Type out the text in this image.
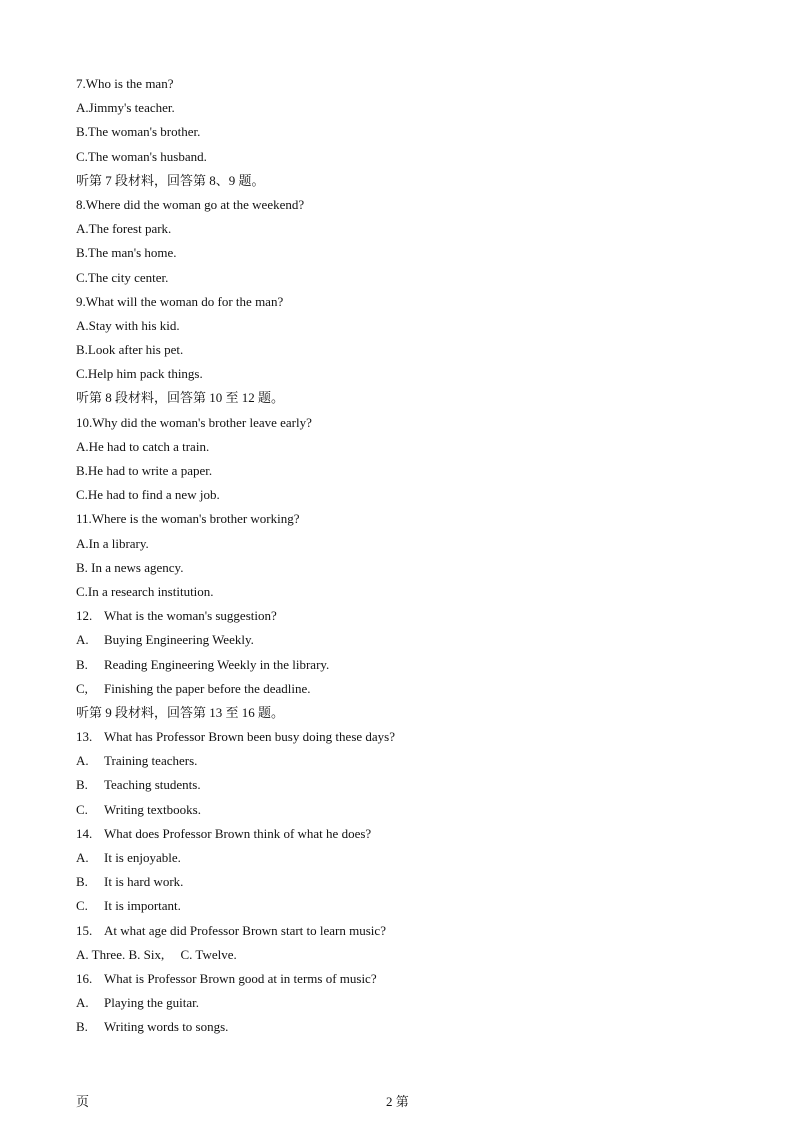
7.Who is the man?
A.Jimmy's teacher.
B.The woman's brother.
C.The woman's husband.
听第 7 段材料，回答第 8、9 题。
8.Where did the woman go at the weekend?
A.The forest park.
B.The man's home.
C.The city center.
9.What will the woman do for the man?
A.Stay with his kid.
B.Look after his pet.
C.Help him pack things.
听第 8 段材料，回答第 10 至 12 题。
10.Why did the woman's brother leave early?
A.He had to catch a train.
B.He had to write a paper.
C.He had to find a new job.
11.Where is the woman's brother working?
A.In a library.
B. In a news agency.
C.In a research institution.
12. What is the woman's suggestion?
A. Buying Engineering Weekly.
B. Reading Engineering Weekly in the library.
C, Finishing the paper before the deadline.
听第 9 段材料，回答第 13 至 16 题。
13. What has Professor Brown been busy doing these days?
A. Training teachers.
B. Teaching students.
C. Writing textbooks.
14. What does Professor Brown think of what he does?
A. It is enjoyable.
B. It is hard work.
C. It is important.
15. At what age did Professor Brown start to learn music?
A. Three. B. Six,     C. Twelve.
16. What is Professor Brown good at in terms of music?
A. Playing the guitar.
B. Writing words to songs.
页	2 第
